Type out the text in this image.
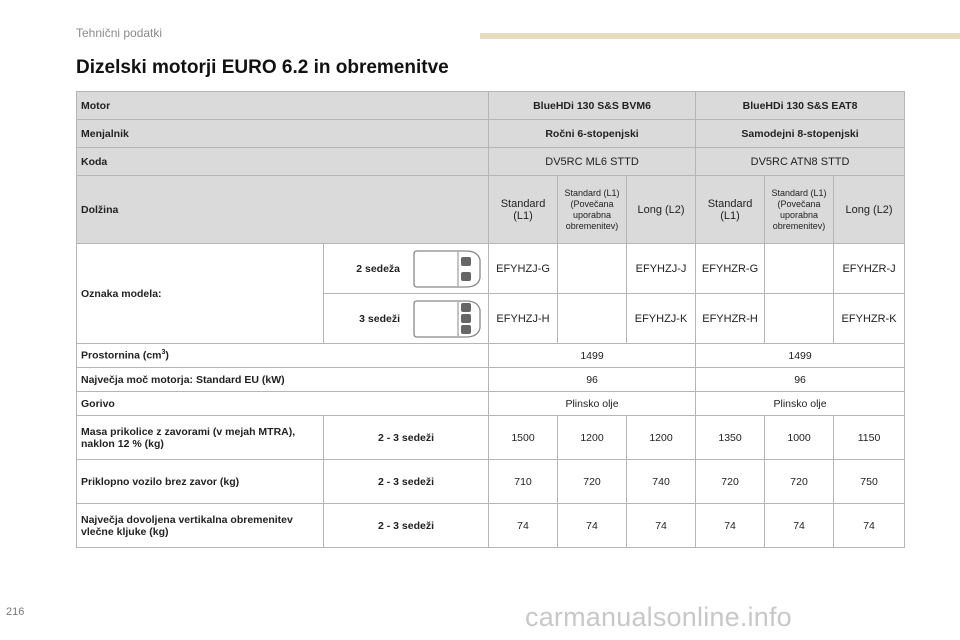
Tehnični podatki
Dizelski motorji EURO 6.2 in obremenitve
Motor		BlueHDi 130 S&S BVM6			BlueHDi 130 S&S EAT8		
Menjalnik		Ročni 6-stopenjski			Samodejni 8-stopenjski		
Koda		DV5RC ML6 STTD			DV5RC ATN8 STTD		
Dolžina		Standard (L1)	Standard (L1) (Povečana uporabna obremenitev)	Long (L2)	Standard (L1)	Standard (L1) (Povečana uporabna obremenitev)	Long (L2)
Oznaka modela:	2 sedeža	EFYHZJ-G		EFYHZJ-J	EFYHZR-G		EFYHZR-J

	3 sedeži	EFYHZJ-H		EFYHZJ-K	EFYHZR-H		EFYHZR-K
Prostornina $(cm^3)$		1499			1499		
Največja moč motorja: Standard EU (kW)		96			96		
Gorivo		Plinsko olje			Plinsko olje		
Masa prikolice z zavorami (v mejah MTRA), naklon 12 % (kg)	2 - 3 sedeži	1500	1200	1200	1350	1000	1150
Priklopno vozilo brez zavor (kg)	2 - 3 sedeži	710	720	740	720	720	750
Največja dovoljena vertikalna obremenitev vlečne kljuke (kg)	2 - 3 sedeži	74	74	74	74	74	74
216	carmanualsonline.info
